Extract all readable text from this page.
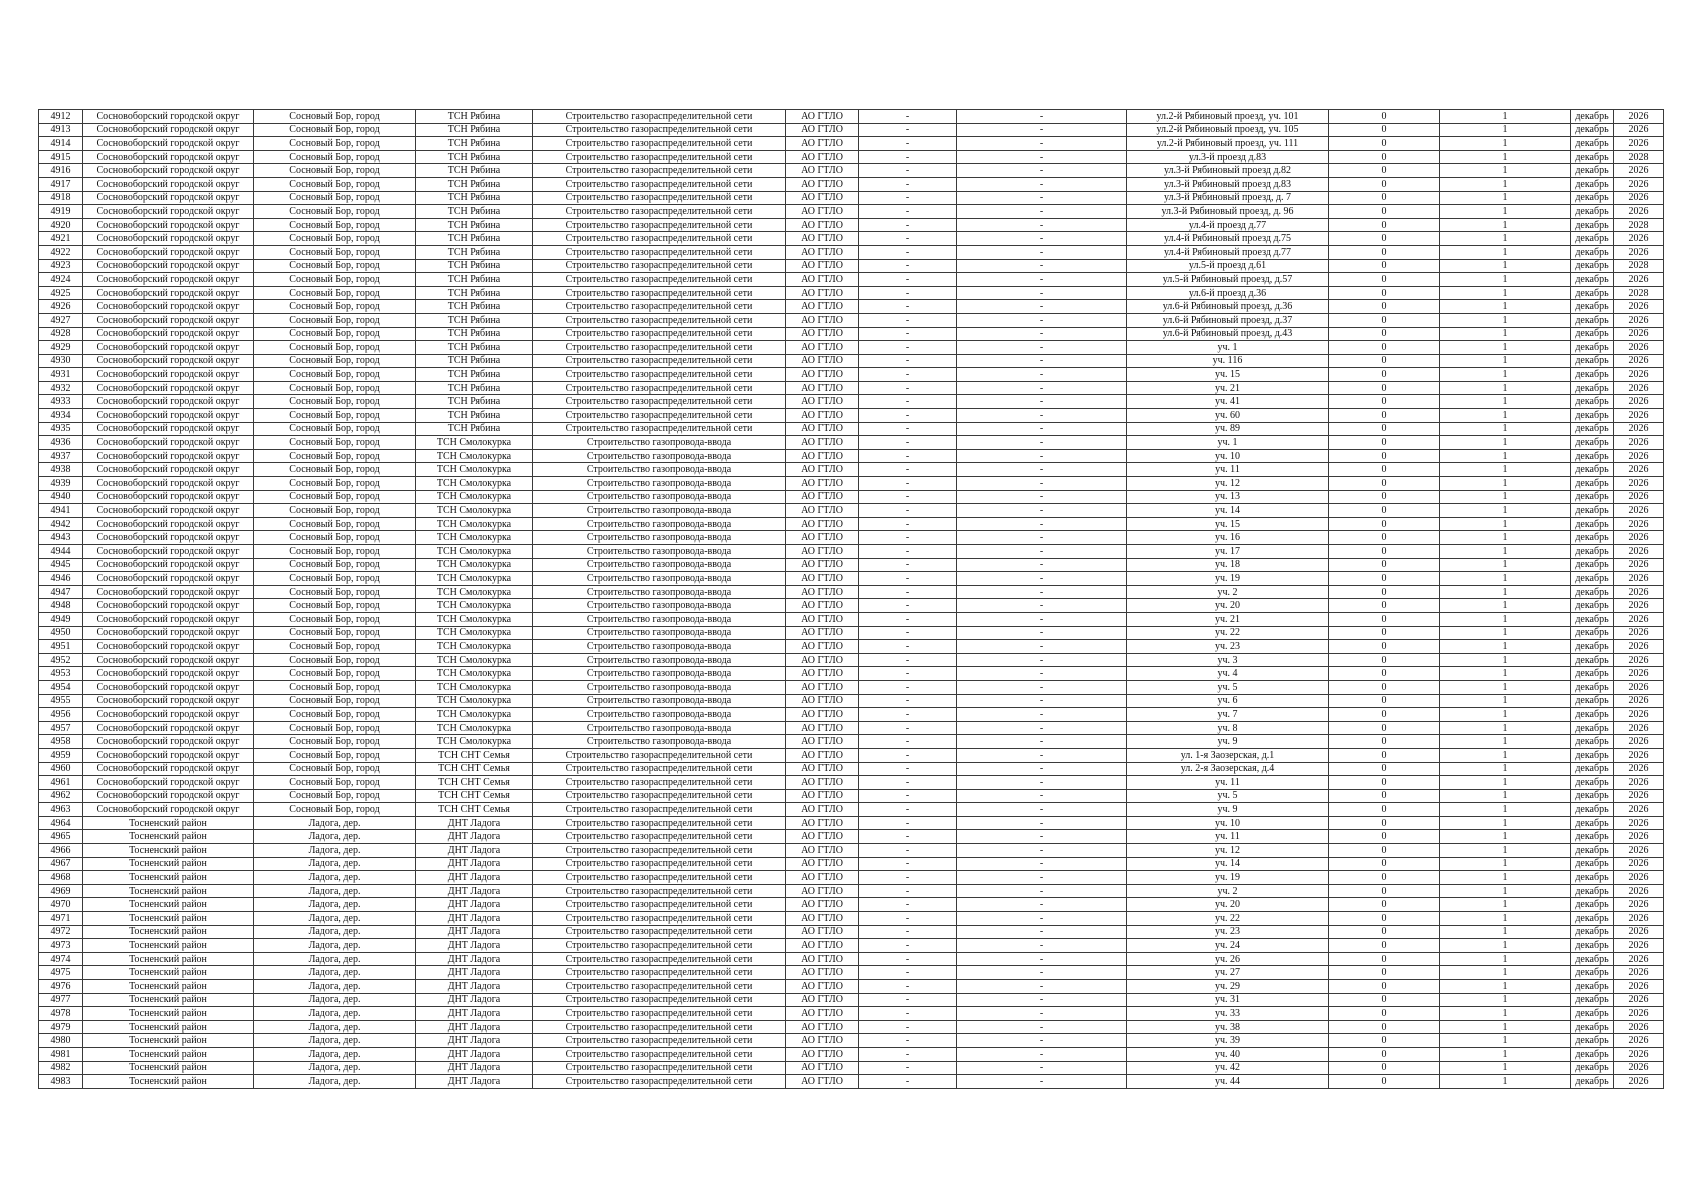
4912	Сосновоборский городской округ	Сосновый Бор, город	ТСН Рябина	Строительство газораспределительной сети	АО ГТЛО	-	-	ул.2-й Рябиновый проезд, уч. 101	0	1	декабрь	2026
4913	Сосновоборский городской округ	Сосновый Бор, город	ТСН Рябина	Строительство газораспределительной сети	АО ГТЛО	-	-	ул.2-й Рябиновый проезд, уч. 105	0	1	декабрь	2026
4914	Сосновоборский городской округ	Сосновый Бор, город	ТСН Рябина	Строительство газораспределительной сети	АО ГТЛО	-	-	ул.2-й Рябиновый проезд, уч. 111	0	1	декабрь	2026
4915	Сосновоборский городской округ	Сосновый Бор, город	ТСН Рябина	Строительство газораспределительной сети	АО ГТЛО	-	-	ул.3-й проезд д.83	0	1	декабрь	2028
4916	Сосновоборский городской округ	Сосновый Бор, город	ТСН Рябина	Строительство газораспределительной сети	АО ГТЛО	-	-	ул.3-й Рябиновый проезд д.82	0	1	декабрь	2026
4917	Сосновоборский городской округ	Сосновый Бор, город	ТСН Рябина	Строительство газораспределительной сети	АО ГТЛО	-	-	ул.3-й Рябиновый проезд д.83	0	1	декабрь	2026
4918	Сосновоборский городской округ	Сосновый Бор, город	ТСН Рябина	Строительство газораспределительной сети	АО ГТЛО	-	-	ул.3-й Рябиновый проезд, д. 7	0	1	декабрь	2026
4919	Сосновоборский городской округ	Сосновый Бор, город	ТСН Рябина	Строительство газораспределительной сети	АО ГТЛО	-	-	ул.3-й Рябиновый проезд, д. 96	0	1	декабрь	2026
4920	Сосновоборский городской округ	Сосновый Бор, город	ТСН Рябина	Строительство газораспределительной сети	АО ГТЛО	-	-	ул.4-й проезд д.77	0	1	декабрь	2028
4921	Сосновоборский городской округ	Сосновый Бор, город	ТСН Рябина	Строительство газораспределительной сети	АО ГТЛО	-	-	ул.4-й Рябиновый проезд д.75	0	1	декабрь	2026
4922	Сосновоборский городской округ	Сосновый Бор, город	ТСН Рябина	Строительство газораспределительной сети	АО ГТЛО	-	-	ул.4-й Рябиновый проезд д.77	0	1	декабрь	2026
4923	Сосновоборский городской округ	Сосновый Бор, город	ТСН Рябина	Строительство газораспределительной сети	АО ГТЛО	-	-	ул.5-й проезд д.61	0	1	декабрь	2028
4924	Сосновоборский городской округ	Сосновый Бор, город	ТСН Рябина	Строительство газораспределительной сети	АО ГТЛО	-	-	ул.5-й Рябиновый проезд, д.57	0	1	декабрь	2026
4925	Сосновоборский городской округ	Сосновый Бор, город	ТСН Рябина	Строительство газораспределительной сети	АО ГТЛО	-	-	ул.6-й проезд д.36	0	1	декабрь	2028
4926	Сосновоборский городской округ	Сосновый Бор, город	ТСН Рябина	Строительство газораспределительной сети	АО ГТЛО	-	-	ул.6-й Рябиновый проезд, д.36	0	1	декабрь	2026
4927	Сосновоборский городской округ	Сосновый Бор, город	ТСН Рябина	Строительство газораспределительной сети	АО ГТЛО	-	-	ул.6-й Рябиновый проезд, д.37	0	1	декабрь	2026
4928	Сосновоборский городской округ	Сосновый Бор, город	ТСН Рябина	Строительство газораспределительной сети	АО ГТЛО	-	-	ул.6-й Рябиновый проезд, д.43	0	1	декабрь	2026
4929	Сосновоборский городской округ	Сосновый Бор, город	ТСН Рябина	Строительство газораспределительной сети	АО ГТЛО	-	-	уч. 1	0	1	декабрь	2026
4930	Сосновоборский городской округ	Сосновый Бор, город	ТСН Рябина	Строительство газораспределительной сети	АО ГТЛО	-	-	уч. 116	0	1	декабрь	2026
4931	Сосновоборский городской округ	Сосновый Бор, город	ТСН Рябина	Строительство газораспределительной сети	АО ГТЛО	-	-	уч. 15	0	1	декабрь	2026
4932	Сосновоборский городской округ	Сосновый Бор, город	ТСН Рябина	Строительство газораспределительной сети	АО ГТЛО	-	-	уч. 21	0	1	декабрь	2026
4933	Сосновоборский городской округ	Сосновый Бор, город	ТСН Рябина	Строительство газораспределительной сети	АО ГТЛО	-	-	уч. 41	0	1	декабрь	2026
4934	Сосновоборский городской округ	Сосновый Бор, город	ТСН Рябина	Строительство газораспределительной сети	АО ГТЛО	-	-	уч. 60	0	1	декабрь	2026
4935	Сосновоборский городской округ	Сосновый Бор, город	ТСН Рябина	Строительство газораспределительной сети	АО ГТЛО	-	-	уч. 89	0	1	декабрь	2026
4936	Сосновоборский городской округ	Сосновый Бор, город	ТСН Смолокурка	Строительство газопровода-ввода	АО ГТЛО	-	-	уч. 1	0	1	декабрь	2026
4937	Сосновоборский городской округ	Сосновый Бор, город	ТСН Смолокурка	Строительство газопровода-ввода	АО ГТЛО	-	-	уч. 10	0	1	декабрь	2026
4938	Сосновоборский городской округ	Сосновый Бор, город	ТСН Смолокурка	Строительство газопровода-ввода	АО ГТЛО	-	-	уч. 11	0	1	декабрь	2026
4939	Сосновоборский городской округ	Сосновый Бор, город	ТСН Смолокурка	Строительство газопровода-ввода	АО ГТЛО	-	-	уч. 12	0	1	декабрь	2026
4940	Сосновоборский городской округ	Сосновый Бор, город	ТСН Смолокурка	Строительство газопровода-ввода	АО ГТЛО	-	-	уч. 13	0	1	декабрь	2026
4941	Сосновоборский городской округ	Сосновый Бор, город	ТСН Смолокурка	Строительство газопровода-ввода	АО ГТЛО	-	-	уч. 14	0	1	декабрь	2026
4942	Сосновоборский городской округ	Сосновый Бор, город	ТСН Смолокурка	Строительство газопровода-ввода	АО ГТЛО	-	-	уч. 15	0	1	декабрь	2026
4943	Сосновоборский городской округ	Сосновый Бор, город	ТСН Смолокурка	Строительство газопровода-ввода	АО ГТЛО	-	-	уч. 16	0	1	декабрь	2026
4944	Сосновоборский городской округ	Сосновый Бор, город	ТСН Смолокурка	Строительство газопровода-ввода	АО ГТЛО	-	-	уч. 17	0	1	декабрь	2026
4945	Сосновоборский городской округ	Сосновый Бор, город	ТСН Смолокурка	Строительство газопровода-ввода	АО ГТЛО	-	-	уч. 18	0	1	декабрь	2026
4946	Сосновоборский городской округ	Сосновый Бор, город	ТСН Смолокурка	Строительство газопровода-ввода	АО ГТЛО	-	-	уч. 19	0	1	декабрь	2026
4947	Сосновоборский городской округ	Сосновый Бор, город	ТСН Смолокурка	Строительство газопровода-ввода	АО ГТЛО	-	-	уч. 2	0	1	декабрь	2026
4948	Сосновоборский городской округ	Сосновый Бор, город	ТСН Смолокурка	Строительство газопровода-ввода	АО ГТЛО	-	-	уч. 20	0	1	декабрь	2026
4949	Сосновоборский городской округ	Сосновый Бор, город	ТСН Смолокурка	Строительство газопровода-ввода	АО ГТЛО	-	-	уч. 21	0	1	декабрь	2026
4950	Сосновоборский городской округ	Сосновый Бор, город	ТСН Смолокурка	Строительство газопровода-ввода	АО ГТЛО	-	-	уч. 22	0	1	декабрь	2026
4951	Сосновоборский городской округ	Сосновый Бор, город	ТСН Смолокурка	Строительство газопровода-ввода	АО ГТЛО	-	-	уч. 23	0	1	декабрь	2026
4952	Сосновоборский городской округ	Сосновый Бор, город	ТСН Смолокурка	Строительство газопровода-ввода	АО ГТЛО	-	-	уч. 3	0	1	декабрь	2026
4953	Сосновоборский городской округ	Сосновый Бор, город	ТСН Смолокурка	Строительство газопровода-ввода	АО ГТЛО	-	-	уч. 4	0	1	декабрь	2026
4954	Сосновоборский городской округ	Сосновый Бор, город	ТСН Смолокурка	Строительство газопровода-ввода	АО ГТЛО	-	-	уч. 5	0	1	декабрь	2026
4955	Сосновоборский городской округ	Сосновый Бор, город	ТСН Смолокурка	Строительство газопровода-ввода	АО ГТЛО	-	-	уч. 6	0	1	декабрь	2026
4956	Сосновоборский городской округ	Сосновый Бор, город	ТСН Смолокурка	Строительство газопровода-ввода	АО ГТЛО	-	-	уч. 7	0	1	декабрь	2026
4957	Сосновоборский городской округ	Сосновый Бор, город	ТСН Смолокурка	Строительство газопровода-ввода	АО ГТЛО	-	-	уч. 8	0	1	декабрь	2026
4958	Сосновоборский городской округ	Сосновый Бор, город	ТСН Смолокурка	Строительство газопровода-ввода	АО ГТЛО	-	-	уч. 9	0	1	декабрь	2026
4959	Сосновоборский городской округ	Сосновый Бор, город	ТСН СНТ Семья	Строительство газораспределительной сети	АО ГТЛО	-	-	ул. 1-я Заозерская, д.1	0	1	декабрь	2026
4960	Сосновоборский городской округ	Сосновый Бор, город	ТСН СНТ Семья	Строительство газораспределительной сети	АО ГТЛО	-	-	ул. 2-я Заозерская, д.4	0	1	декабрь	2026
4961	Сосновоборский городской округ	Сосновый Бор, город	ТСН СНТ Семья	Строительство газораспределительной сети	АО ГТЛО	-	-	уч. 11	0	1	декабрь	2026
4962	Сосновоборский городской округ	Сосновый Бор, город	ТСН СНТ Семья	Строительство газораспределительной сети	АО ГТЛО	-	-	уч. 5	0	1	декабрь	2026
4963	Сосновоборский городской округ	Сосновый Бор, город	ТСН СНТ Семья	Строительство газораспределительной сети	АО ГТЛО	-	-	уч. 9	0	1	декабрь	2026
4964	Тосненский район	Ладога, дер.	ДНТ Ладога	Строительство газораспределительной сети	АО ГТЛО	-	-	уч. 10	0	1	декабрь	2026
4965	Тосненский район	Ладога, дер.	ДНТ Ладога	Строительство газораспределительной сети	АО ГТЛО	-	-	уч. 11	0	1	декабрь	2026
4966	Тосненский район	Ладога, дер.	ДНТ Ладога	Строительство газораспределительной сети	АО ГТЛО	-	-	уч. 12	0	1	декабрь	2026
4967	Тосненский район	Ладога, дер.	ДНТ Ладога	Строительство газораспределительной сети	АО ГТЛО	-	-	уч. 14	0	1	декабрь	2026
4968	Тосненский район	Ладога, дер.	ДНТ Ладога	Строительство газораспределительной сети	АО ГТЛО	-	-	уч. 19	0	1	декабрь	2026
4969	Тосненский район	Ладога, дер.	ДНТ Ладога	Строительство газораспределительной сети	АО ГТЛО	-	-	уч. 2	0	1	декабрь	2026
4970	Тосненский район	Ладога, дер.	ДНТ Ладога	Строительство газораспределительной сети	АО ГТЛО	-	-	уч. 20	0	1	декабрь	2026
4971	Тосненский район	Ладога, дер.	ДНТ Ладога	Строительство газораспределительной сети	АО ГТЛО	-	-	уч. 22	0	1	декабрь	2026
4972	Тосненский район	Ладога, дер.	ДНТ Ладога	Строительство газораспределительной сети	АО ГТЛО	-	-	уч. 23	0	1	декабрь	2026
4973	Тосненский район	Ладога, дер.	ДНТ Ладога	Строительство газораспределительной сети	АО ГТЛО	-	-	уч. 24	0	1	декабрь	2026
4974	Тосненский район	Ладога, дер.	ДНТ Ладога	Строительство газораспределительной сети	АО ГТЛО	-	-	уч. 26	0	1	декабрь	2026
4975	Тосненский район	Ладога, дер.	ДНТ Ладога	Строительство газораспределительной сети	АО ГТЛО	-	-	уч. 27	0	1	декабрь	2026
4976	Тосненский район	Ладога, дер.	ДНТ Ладога	Строительство газораспределительной сети	АО ГТЛО	-	-	уч. 29	0	1	декабрь	2026
4977	Тосненский район	Ладога, дер.	ДНТ Ладога	Строительство газораспределительной сети	АО ГТЛО	-	-	уч. 31	0	1	декабрь	2026
4978	Тосненский район	Ладога, дер.	ДНТ Ладога	Строительство газораспределительной сети	АО ГТЛО	-	-	уч. 33	0	1	декабрь	2026
4979	Тосненский район	Ладога, дер.	ДНТ Ладога	Строительство газораспределительной сети	АО ГТЛО	-	-	уч. 38	0	1	декабрь	2026
4980	Тосненский район	Ладога, дер.	ДНТ Ладога	Строительство газораспределительной сети	АО ГТЛО	-	-	уч. 39	0	1	декабрь	2026
4981	Тосненский район	Ладога, дер.	ДНТ Ладога	Строительство газораспределительной сети	АО ГТЛО	-	-	уч. 40	0	1	декабрь	2026
4982	Тосненский район	Ладога, дер.	ДНТ Ладога	Строительство газораспределительной сети	АО ГТЛО	-	-	уч. 42	0	1	декабрь	2026
4983	Тосненский район	Ладога, дер.	ДНТ Ладога	Строительство газораспределительной сети	АО ГТЛО	-	-	уч. 44	0	1	декабрь	2026
